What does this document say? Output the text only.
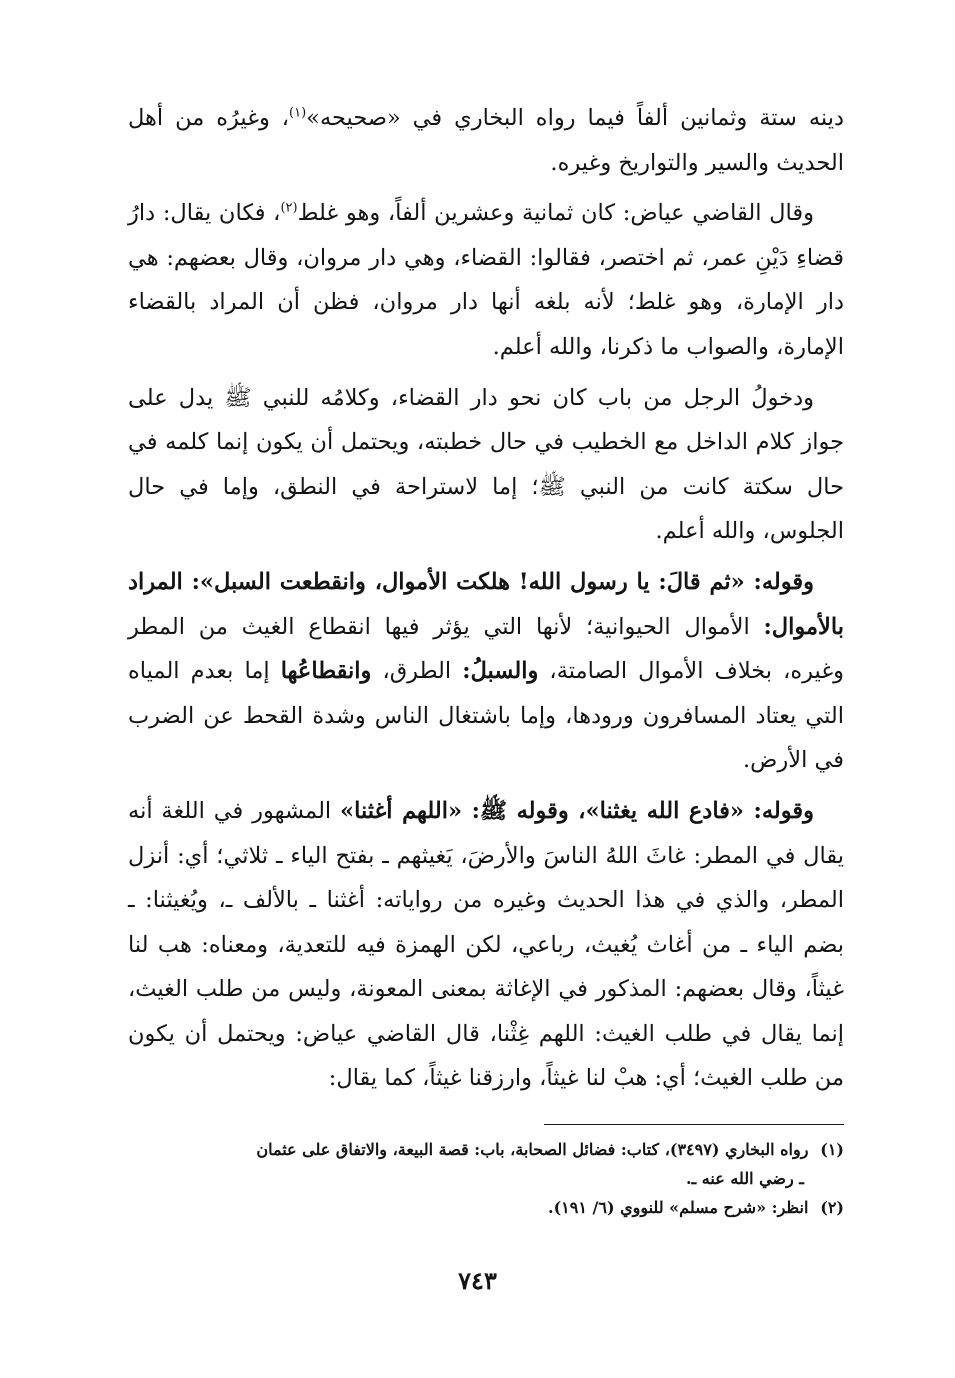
دينه ستة وثمانين ألفاً فيما رواه البخاري في «صحيحه»$^{(١)}$، وغيرُه من أهل الحديث والسير والتواريخ وغيره.

وقال القاضي عياض: كان ثمانية وعشرين ألفاً، وهو غلط$^{(٢)}$، فكان يقال: دارُ قضاءِ دَيْنِ عمر، ثم اختصر، فقالوا: القضاء، وهي دار مروان، وقال بعضهم: هي دار الإمارة، وهو غلط؛ لأنه بلغه أنها دار مروان، فظن أن المراد بالقضاء الإمارة، والصواب ما ذكرنا، والله أعلم.

ودخولُ الرجل من باب كان نحو دار القضاء، وكلامُه للنبي ﷺ يدل على جواز كلام الداخل مع الخطيب في حال خطبته، ويحتمل أن يكون إنما كلمه في حال سكتة كانت من النبي ﷺ؛ إما لاستراحة في النطق، وإما في حال الجلوس، والله أعلم.

وقوله: «ثم قالَ: يا رسول الله! هلكت الأموال، وانقطعت السبل»: المراد بالأموال: الأموال الحيوانية؛ لأنها التي يؤثر فيها انقطاع الغيث من المطر وغيره، بخلاف الأموال الصامتة، والسبلُ: الطرق، وانقطاعُها إما بعدم المياه التي يعتاد المسافرون ورودها، وإما باشتغال الناس وشدة القحط عن الضرب في الأرض.

وقوله: «فادع الله يغثنا»، وقوله ﷺ: «اللهم أغثنا» المشهور في اللغة أنه يقال في المطر: غاثَ اللهُ الناسَ والأرضَ، يَغيثهم ـ بفتح الياء ـ ثلاثي؛ أي: أنزل المطر، والذي في هذا الحديث وغيره من رواياته: أغثنا ـ بالألف ـ، ويُغيثنا: ـ بضم الياء ـ من أغاث يُغيث، رباعي، لكن الهمزة فيه للتعدية، ومعناه: هب لنا غيثاً، وقال بعضهم: المذكور في الإغاثة بمعنى المعونة، وليس من طلب الغيث، إنما يقال في طلب الغيث: اللهم غِثْنا، قال القاضي عياض: ويحتمل أن يكون من طلب الغيث؛ أي: هبْ لنا غيثاً، وارزقنا غيثاً، كما يقال:

(١) رواه البخاري (٣٤٩٧)، كتاب: فضائل الصحابة، باب: قصة البيعة، والاتفاق على عثمان

ـ رضي الله عنه ـ.

(٢) انظر: «شرح مسلم» للنووي (٦/ ١٩١).

٧٤٣
